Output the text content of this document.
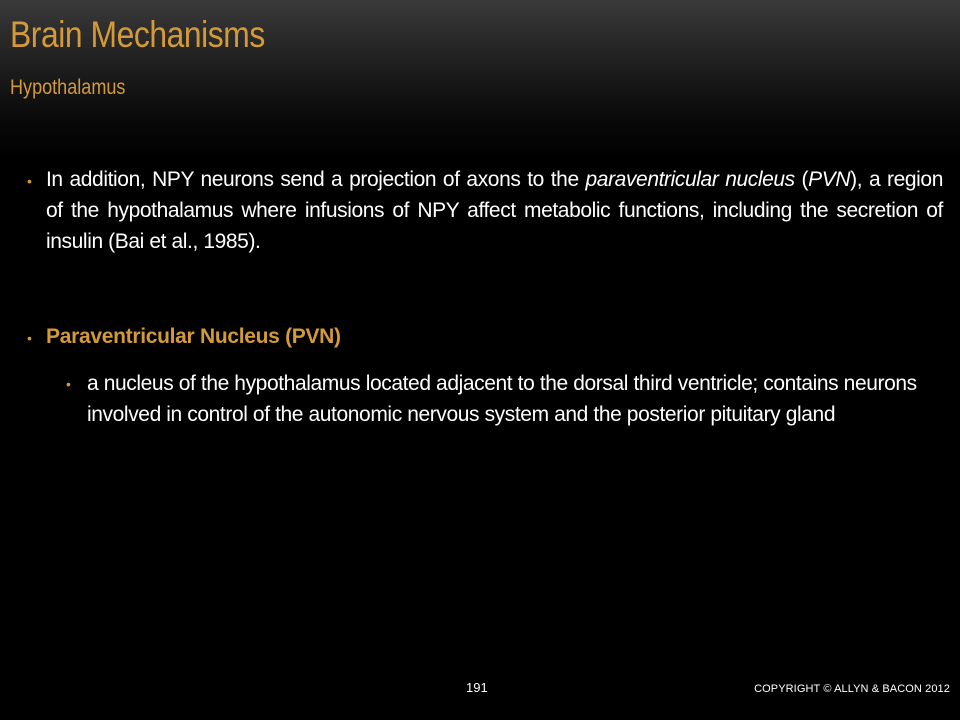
Brain Mechanisms
Hypothalamus
• In addition, NPY neurons send a projection of axons to the paraventricular nucleus (PVN), a region of the hypothalamus where infusions of NPY affect metabolic functions, including the secretion of insulin (Bai et al., 1985).

• Paraventricular Nucleus (PVN)
• a nucleus of the hypothalamus located adjacent to the dorsal third ventricle; contains neurons involved in control of the autonomic nervous system and the posterior pituitary gland

191	COPYRIGHT © ALLYN & BACON 2012
